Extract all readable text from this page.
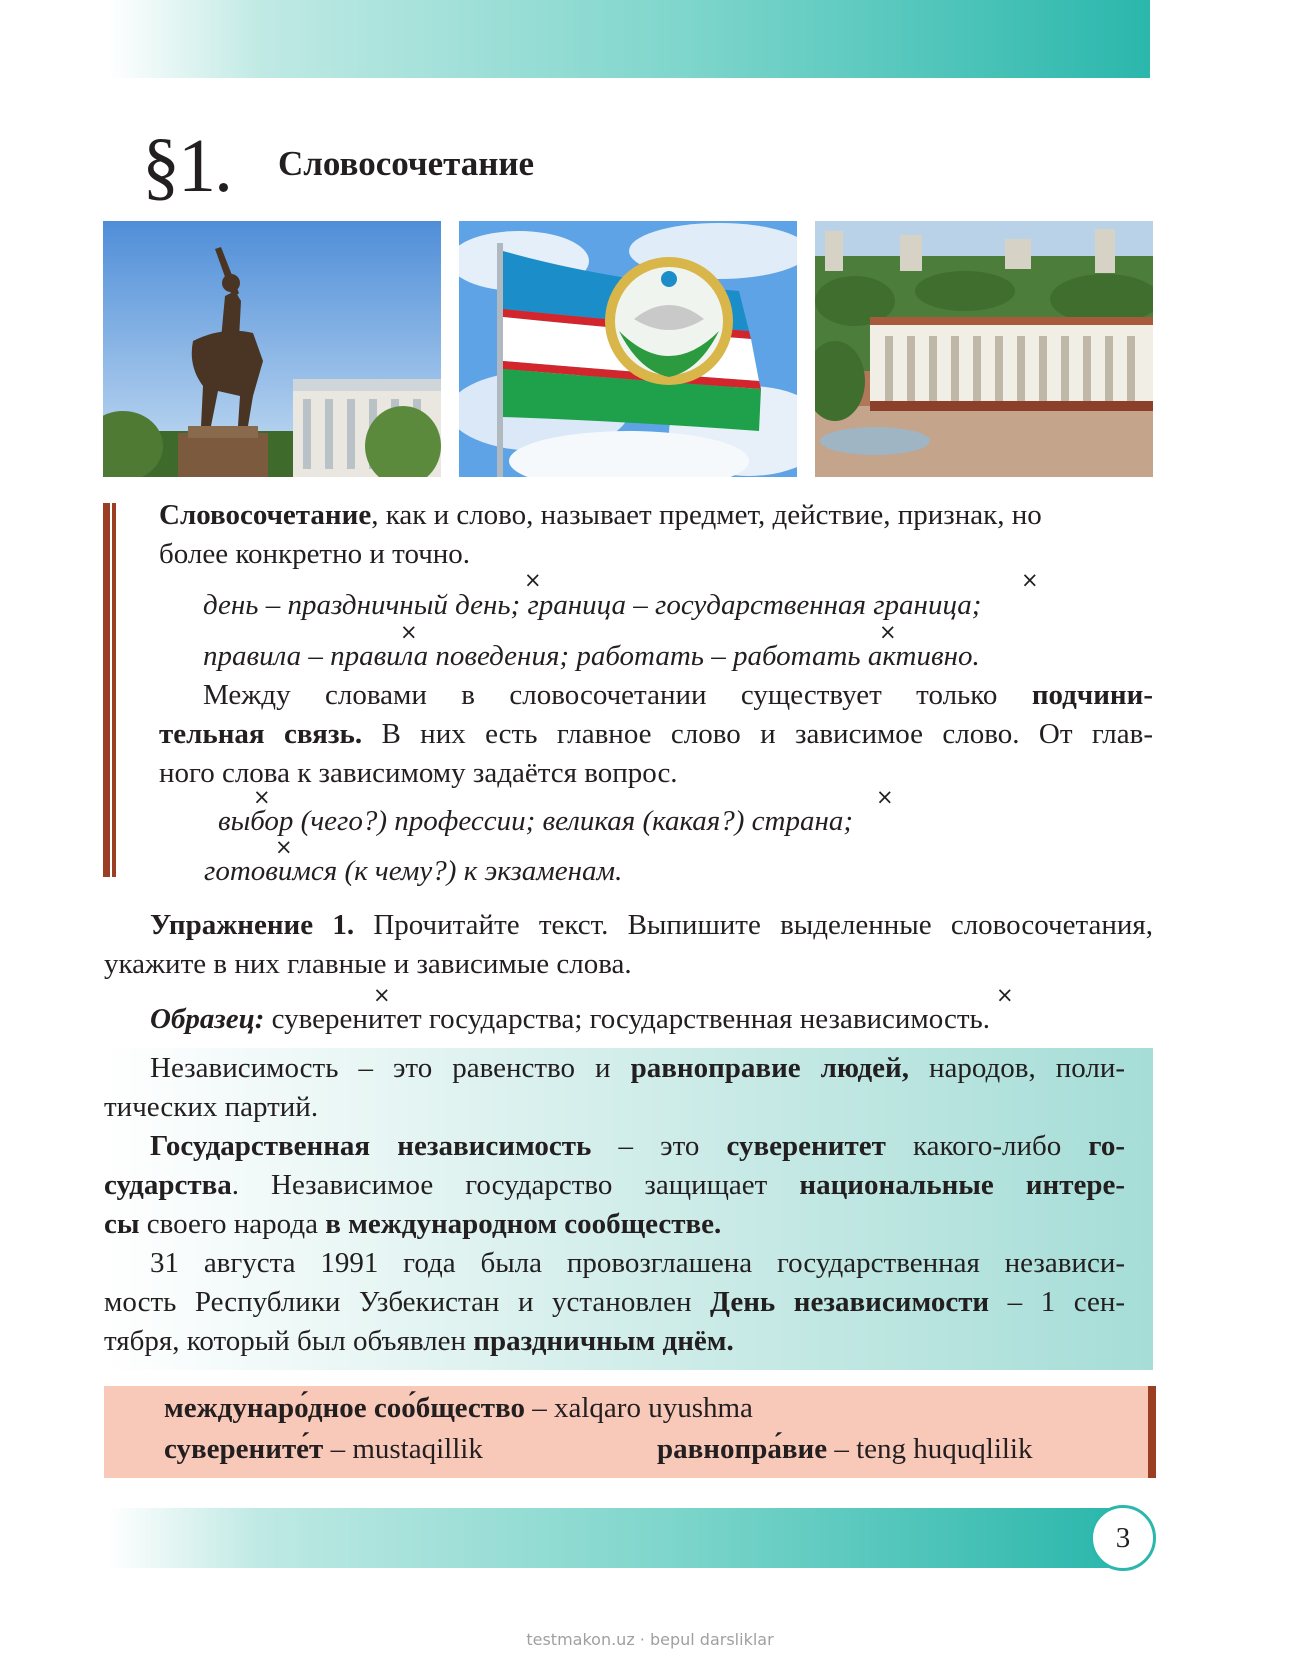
§1. Словосочетание
Словосочетание, как и слово, называет предмет, действие, признак, но
более конкретно и точно.
×	×
день – праздничный день; граница – государственная граница;
×	×
правила – правила поведения; работать – работать активно.
Между словами в словосочетании существует только подчини-
тельная связь. В них есть главное слово и зависимое слово. От глав-
ного слова к зависимому задаётся вопрос.
×	×
выбор (чего?) профессии; великая (какая?) страна;
×
готовимся (к чему?) к экзаменам.
Упражнение 1. Прочитайте текст. Выпишите выделенные словосочетания,
укажите в них главные и зависимые слова.
×	×
Образец: суверенитет государства; государственная независимость.
Независимость – это равенство и равноправие людей, народов, поли-
тических партий.
Государственная независимость – это суверенитет какого-либо го-
сударства. Независимое государство защищает национальные интере-
сы своего народа в международном сообществе.
31 августа 1991 года была провозглашена государственная независи-
мость Республики Узбекистан и установлен День независимости – 1 сен-
тября, который был объявлен праздничным днём.
междунаро́дное соо́бщество – xalqaro uyushma
суверените́т – mustaqillik	равнопра́вие – teng huquqlilik
3
testmakon.uz · bepul darsliklar
